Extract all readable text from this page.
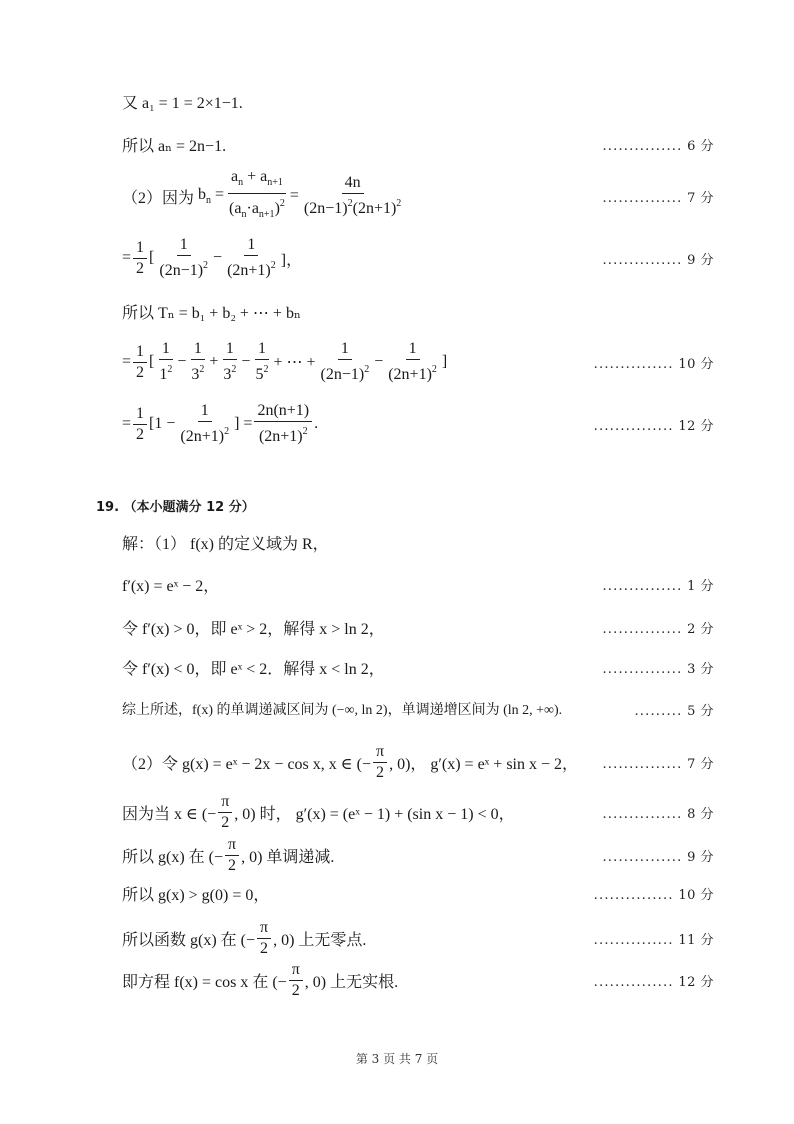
又 a₁ = 1 = 2×1−1.
所以 aₙ = 2n−1.	............... 6 分
（2）因为 $b_n = \frac{a_n + a_{n+1}}{(a_n\cdot a_{n+1})^2} = \frac{4n}{(2n-1)^2(2n+1)^2}$	............... 7 分
= $\frac{1}{2}$ [ $\frac{1}{(2n-1)^2} - \frac{1}{(2n+1)^2}$ ]，	............... 9 分
所以 Tₙ = b₁ + b₂ + ⋯ + bₙ
= $\frac{1}{2}$ [ $\frac{1}{1^2} - \frac{1}{3^2} + \frac{1}{3^2} - \frac{1}{5^2}$ + ⋯ + $\frac{1}{(2n-1)^2} - \frac{1}{(2n+1)^2}$ ]	............... 10 分
= $\frac{1}{2} [1 - \frac{1}{(2n+1)^2}$ ] = $\frac{2n(n+1)}{(2n+1)^2}$ .	............... 12 分
19. （本小题满分 12 分）
解：（1） f(x) 的定义域为 R，
f′(x) = eˣ − 2，	............... 1 分
令 f′(x) > 0，即 eˣ > 2，解得 x > ln 2，	............... 2 分
令 f′(x) < 0，即 eˣ < 2．解得 x < ln 2，	............... 3 分
综上所述，f(x) 的单调递减区间为 (−∞, ln 2)，单调递增区间为 (ln 2, +∞).	......... 5 分
（2）令 g(x) = eˣ − 2x − cos x, x ∈ (− $\frac{\pi}{2}$ , 0)， g′(x) = eˣ + sin x − 2， ............... 7 分
因为当 x ∈ (− $\frac{\pi}{2}$ , 0) 时， g′(x) = (eˣ − 1) + (sin x − 1) < 0，	............... 8 分
所以 g(x) 在 (− $\frac{\pi}{2}$ , 0) 单调递减.	............... 9 分
所以 g(x) > g(0) = 0，	............... 10 分
所以函数 g(x) 在 (− $\frac{\pi}{2}$ , 0) 上无零点.	............... 11 分
即方程 f(x) = cos x 在 (− $\frac{\pi}{2}$ , 0) 上无实根.	............... 12 分
第 3 页 共 7 页
